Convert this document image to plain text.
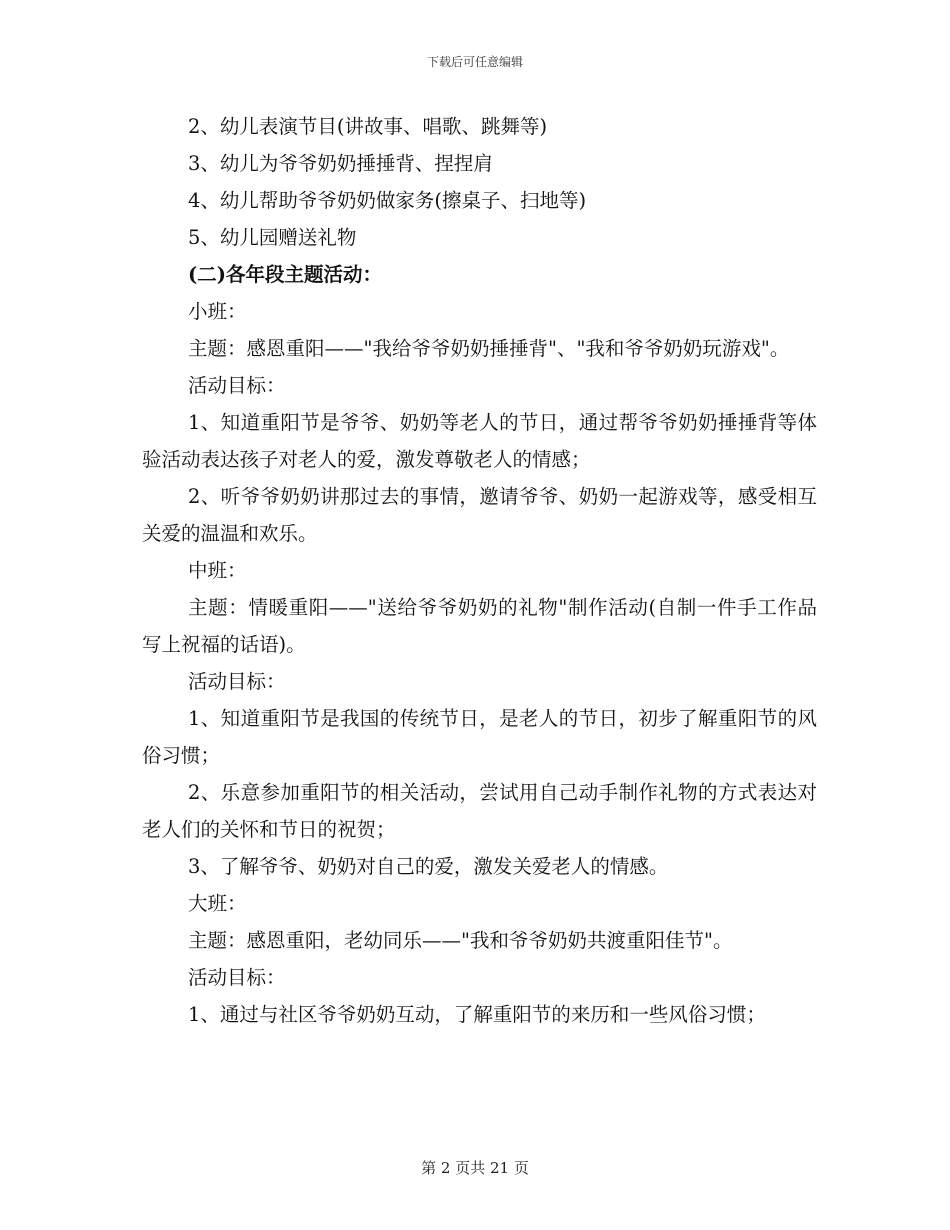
下载后可任意编辑

2、幼儿表演节目(讲故事、唱歌、跳舞等)

3、幼儿为爷爷奶奶捶捶背、捏捏肩

4、幼儿帮助爷爷奶奶做家务(擦桌子、扫地等)

5、幼儿园赠送礼物

(二)各年段主题活动：

小班：

主题：感恩重阳——"我给爷爷奶奶捶捶背"、"我和爷爷奶奶玩游戏"。

活动目标：

1、知道重阳节是爷爷、奶奶等老人的节日，通过帮爷爷奶奶捶捶背等体验活动表达孩子对老人的爱，激发尊敬老人的情感；

2、听爷爷奶奶讲那过去的事情，邀请爷爷、奶奶一起游戏等，感受相互关爱的温温和欢乐。

中班：

主题：情暖重阳——"送给爷爷奶奶的礼物"制作活动(自制一件手工作品写上祝福的话语)。

活动目标：

1、知道重阳节是我国的传统节日，是老人的节日，初步了解重阳节的风俗习惯；

2、乐意参加重阳节的相关活动，尝试用自己动手制作礼物的方式表达对老人们的关怀和节日的祝贺；

3、了解爷爷、奶奶对自己的爱，激发关爱老人的情感。

大班：

主题：感恩重阳，老幼同乐——"我和爷爷奶奶共渡重阳佳节"。

活动目标：

1、通过与社区爷爷奶奶互动，了解重阳节的来历和一些风俗习惯；

第 2 页共 21 页
